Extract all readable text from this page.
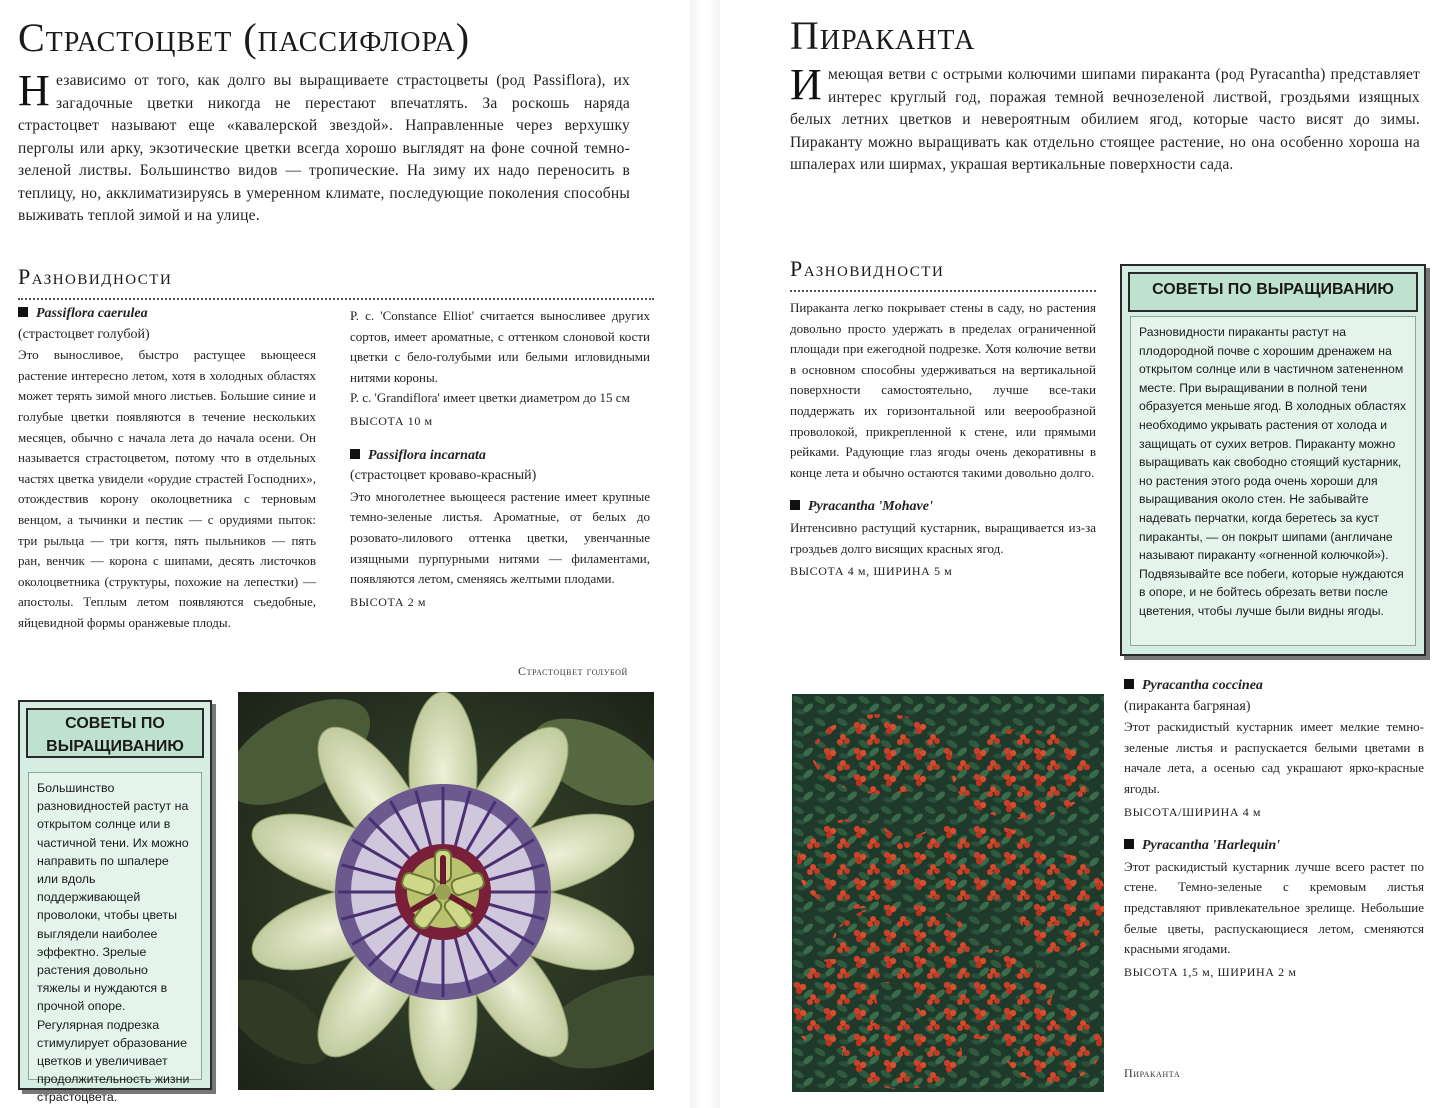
Страстоцвет (пассифлора)
Независимо от того, как долго вы выращиваете страстоцветы (род Passiflora), их загадочные цветки никогда не перестают впечатлять. За роскошь наряда страстоцвет называют еще «кавалерской звездой». Направленные через верхушку перголы или арку, экзотические цветки всегда хорошо выглядят на фоне сочной темно-зеленой листвы. Большинство видов — тропические. На зиму их надо переносить в теплицу, но, акклиматизируясь в умеренном климате, последующие поколения способны выживать теплой зимой и на улице.
Разновидности

Passiflora caerulea

(страстоцвет голубой)

Это выносливое, быстро растущее вьющееся растение интересно летом, хотя в холодных областях может терять зимой много листьев. Большие синие и голубые цветки появляются в течение нескольких месяцев, обычно с начала лета до начала осени. Он называется страстоцветом, потому что в отдельных частях цветка увидели «орудие страстей Господних», отождествив корону околоцветника с терновым венцом, а тычинки и пестик — с орудиями пыток: три рыльца — три когтя, пять пыльников — пять ран, венчик — корона с шипами, десять листочков околоцветника (структуры, похожие на лепестки) — апостолы. Теплым летом появляются съедобные, яйцевидной формы оранжевые плоды.

P. c. 'Constance Elliot' считается выносливее других сортов, имеет ароматные, с оттенком слоновой кости цветки с бело-голубыми или белыми игловидными нитями короны.

P. c. 'Grandiflora' имеет цветки диаметром до 15 см

ВЫСОТА 10 м

Passiflora incarnata

(страстоцвет кроваво-красный)

Это многолетнее вьющееся растение имеет крупные темно-зеленые листья. Ароматные, от белых до розовато-лилового оттенка цветки, увенчанные изящными пурпурными нитями — филаментами, появляются летом, сменяясь желтыми плодами.

ВЫСОТА 2 м

Страстоцвет голубой
СОВЕТЫ ПО ВЫРАЩИВАНИЮ
Большинство разновидностей растут на открытом солнце или в частичной тени. Их можно направить по шпалере или вдоль поддерживающей проволоки, чтобы цветы выглядели наиболее эффектно. Зрелые растения довольно тяжелы и нуждаются в прочной опоре. Регулярная подрезка стимулирует образование цветков и увеличивает продолжительность жизни страстоцвета.
Пираканта
Имеющая ветви с острыми колючими шипами пираканта (род Pyracantha) представляет интерес круглый год, поражая темной вечнозеленой листвой, гроздьями изящных белых летних цветков и невероятным обилием ягод, которые часто висят до зимы. Пираканту можно выращивать как отдельно стоящее растение, но она особенно хороша на шпалерах или ширмах, украшая вертикальные поверхности сада.
Разновидности

Пираканта легко покрывает стены в саду, но растения довольно просто удержать в пределах ограниченной площади при ежегодной подрезке. Хотя колючие ветви в основном способны удерживаться на вертикальной поверхности самостоятельно, лучше все-таки поддержать их горизонтальной или веерообразной проволокой, прикрепленной к стене, или прямыми рейками. Радующие глаз ягоды очень декоративны в конце лета и обычно остаются такими довольно долго.

Pyracantha 'Mohave'

Интенсивно растущий кустарник, выращивается из-за гроздьев долго висящих красных ягод.

ВЫСОТА 4 м, ШИРИНА 5 м

СОВЕТЫ ПО ВЫРАЩИВАНИЮ
Разновидности пираканты растут на плодородной почве с хорошим дренажем на открытом солнце или в частичном затененном месте. При выращивании в полной тени образуется меньше ягод. В холодных областях необходимо укрывать растения от холода и защищать от сухих ветров. Пираканту можно выращивать как свободно стоящий кустарник, но растения этого рода очень хороши для выращивания около стен. Не забывайте надевать перчатки, когда беретесь за куст пираканты, — он покрыт шипами (англичане называют пираканту «огненной колючкой»). Подвязывайте все побеги, которые нуждаются в опоре, и не бойтесь обрезать ветви после цветения, чтобы лучше были видны ягоды.

Pyracantha coccinea

(пираканта багряная)

Этот раскидистый кустарник имеет мелкие темно-зеленые листья и распускается белыми цветами в начале лета, а осенью сад украшают ярко-красные ягоды.

ВЫСОТА/ШИРИНА 4 м

Pyracantha 'Harlequin'

Этот раскидистый кустарник лучше всего растет по стене. Темно-зеленые с кремовым листья представляют привлекательное зрелище. Небольшие белые цветы, распускающиеся летом, сменяются красными ягодами.

ВЫСОТА 1,5 м, ШИРИНА 2 м

Пираканта
